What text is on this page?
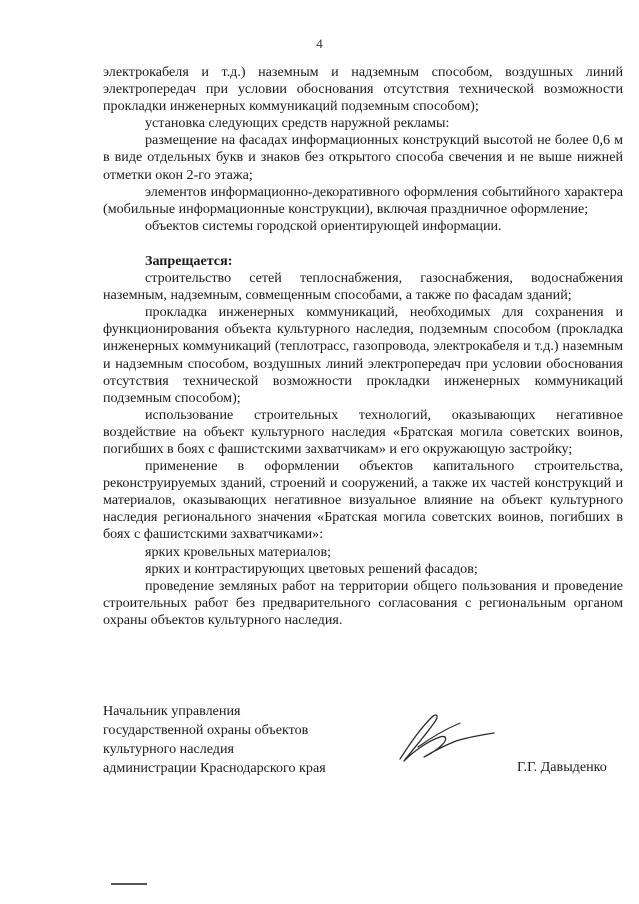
4

электрокабеля и т.д.) наземным и надземным способом, воздушных линий электропередач при условии обоснования отсутствия технической возможности прокладки инженерных коммуникаций подземным способом);

установка следующих средств наружной рекламы:

размещение на фасадах информационных конструкций высотой не более 0,6 м в виде отдельных букв и знаков без открытого способа свечения и не выше нижней отметки окон 2-го этажа;

элементов информационно-декоративного оформления событийного характера (мобильные информационные конструкции), включая праздничное оформление;

объектов системы городской ориентирующей информации.

Запрещается:

строительство сетей теплоснабжения, газоснабжения, водоснабжения наземным, надземным, совмещенным способами, а также по фасадам зданий;

прокладка инженерных коммуникаций, необходимых для сохранения и функционирования объекта культурного наследия, подземным способом (прокладка инженерных коммуникаций (теплотрасс, газопровода, электрокабеля и т.д.) наземным и надземным способом, воздушных линий электропередач при условии обоснования отсутствия технической возможности прокладки инженерных коммуникаций подземным способом);

использование строительных технологий, оказывающих негативное воздействие на объект культурного наследия «Братская могила советских воинов, погибших в боях с фашистскими захватчикам» и его окружающую застройку;

применение в оформлении объектов капитального строительства, реконструируемых зданий, строений и сооружений, а также их частей конструкций и материалов, оказывающих негативное визуальное влияние на объект культурного наследия регионального значения «Братская могила советских воинов, погибших в боях с фашистскими захватчиками»:

ярких кровельных материалов;

ярких и контрастирующих цветовых решений фасадов;

проведение земляных работ на территории общего пользования и проведение строительных работ без предварительного согласования с региональным органом охраны объектов культурного наследия.

Начальник управления
государственной охраны объектов
культурного наследия
администрации Краснодарского края	Г.Г. Давыденко
